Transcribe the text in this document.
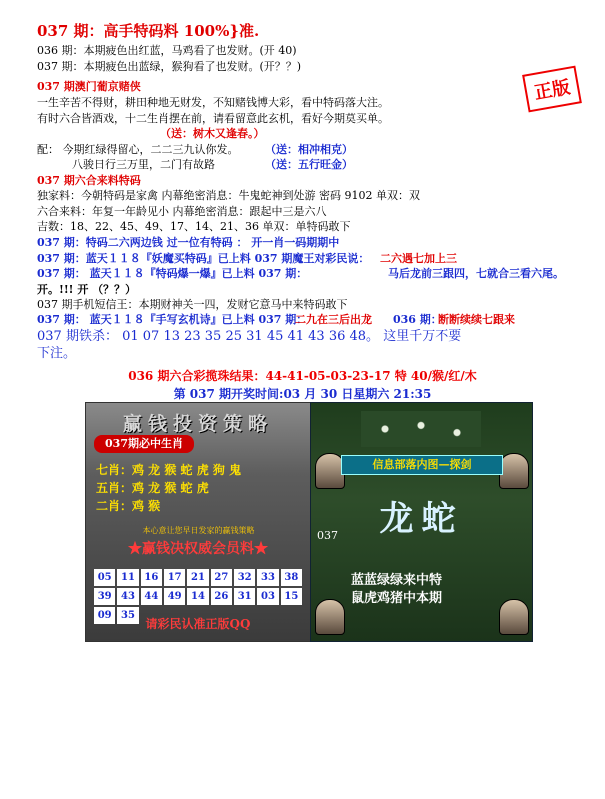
037 期：高手特码料 100%}准.
正版
036 期：本期疲色出红蓝，马鸡看了也发财。(开 40)
037 期：本期疲色出蓝绿，猴狗看了也发财。(开？？)
037 期澳门葡京赌侠
一生辛苦不得财，耕田种地无财发，不知赌钱博大彩，看中特码落大注。
有时六合皆酒戏，十二生肖摆在前，请看留意此玄机，看好今期莫买单。
（送：树木又逢春。）
配： 今期红绿得留心，二二三九认你发。 （送：相冲相克）
八骏日行三万里，二门有故路	（送：五行旺金）
037 期六合来料特码
独家料：今朝特码是家禽 内幕绝密消息：牛鬼蛇神到处游 密码 9102 单双：双
六合来料：年复一年龄见小 内幕绝密消息：跟起中三是六八
吉数：18、22、45、49、17、14、21、36 单双：单特码敢下
037 期：特码二六两边钱 过一位有特码 ： 开一肖一码期期中
037 期：蓝天１１８『妖魔买特码』已上料 037 期魔王对彩民说： 二六遇七加上三
037 期： 蓝天１１８『特码爆一爆』已上料 037 期：	马后龙前三跟四，七就合三看六尾。
开。!!! 开 （？？）
037 期手机短信王：本期财神关一四，发财它意马中来特码敢下
037 期： 蓝天１１８『手写玄机诗』已上料 037 期：
二九在三后出龙 036 期：
断断续续七跟来
037 期铁杀： 01 07 13 23 35 25 31 45 41 43 36 48。 这里千万不要
下注。
036 期六合彩揽珠结果：44-41-05-03-23-17 特 40/猴/红/木
第 037 期开奖时间:03 月 30 日星期六 21:35
赢钱投资策略
037期必中生肖
七肖：鸡 龙 猴 蛇 虎 狗 鬼
五肖：鸡 龙 猴 蛇 虎
二肖：鸡 猴
本心意让您早日发家的赢钱策略
★赢钱决权威会员料★
05 11 16 17 21 27 32 33 38
39 43 44 49 14 26 31 03 15
09 35
请彩民认准正版QQ
信息部落内图—探剑
龙蛇
037
蓝蓝绿绿来中特
鼠虎鸡猪中本期
